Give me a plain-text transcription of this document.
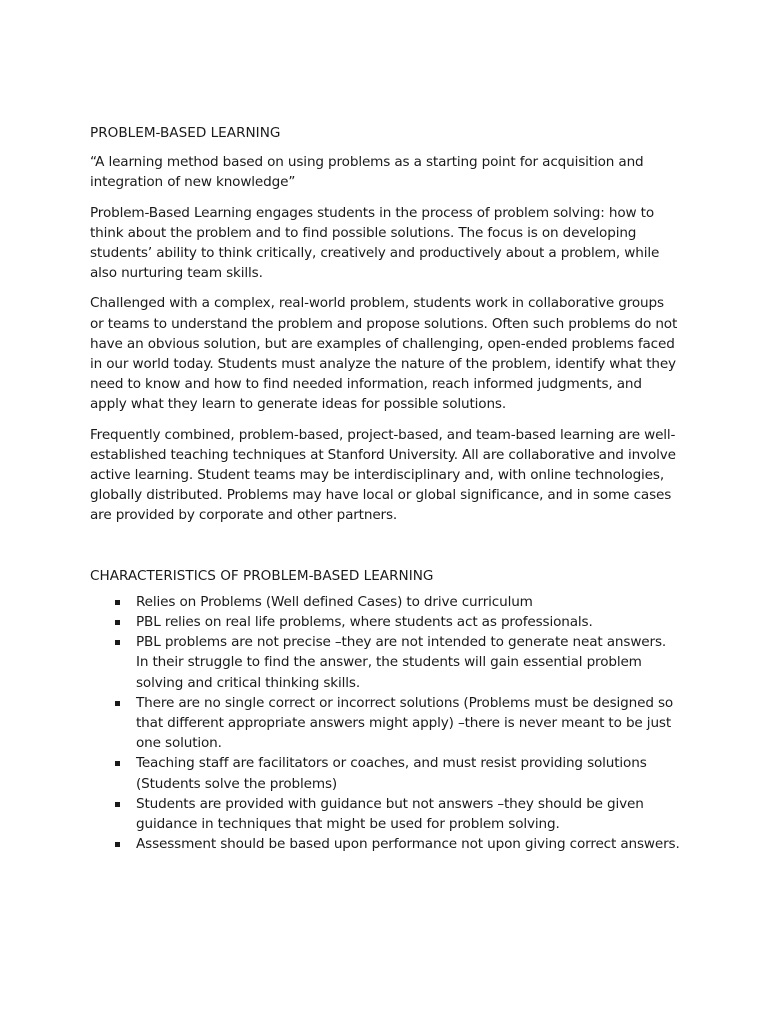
PROBLEM-BASED LEARNING

“A learning method based on using problems as a starting point for acquisition and integration of new knowledge”

Problem-Based Learning engages students in the process of problem solving: how to think about the problem and to find possible solutions. The focus is on developing students’ ability to think critically, creatively and productively about a problem, while also nurturing team skills.

Challenged with a complex, real-world problem, students work in collaborative groups or teams to understand the problem and propose solutions. Often such problems do not have an obvious solution, but are examples of challenging, open-ended problems faced in our world today. Students must analyze the nature of the problem, identify what they need to know and how to find needed information, reach informed judgments, and apply what they learn to generate ideas for possible solutions.

Frequently combined, problem-based, project-based, and team-based learning are well-established teaching techniques at Stanford University. All are collaborative and involve active learning. Student teams may be interdisciplinary and, with online technologies, globally distributed. Problems may have local or global significance, and in some cases are provided by corporate and other partners.

CHARACTERISTICS OF PROBLEM-BASED LEARNING
Relies on Problems (Well defined Cases) to drive curriculum
PBL relies on real life problems, where students act as professionals.
PBL problems are not precise –they are not intended to generate neat answers. In their struggle to find the answer, the students will gain essential problem solving and critical thinking skills.
There are no single correct or incorrect solutions (Problems must be designed so that different appropriate answers might apply) –there is never meant to be just one solution.
Teaching staff are facilitators or coaches, and must resist providing solutions (Students solve the problems)
Students are provided with guidance but not answers –they should be given guidance in techniques that might be used for problem solving.
Assessment should be based upon performance not upon giving correct answers.
